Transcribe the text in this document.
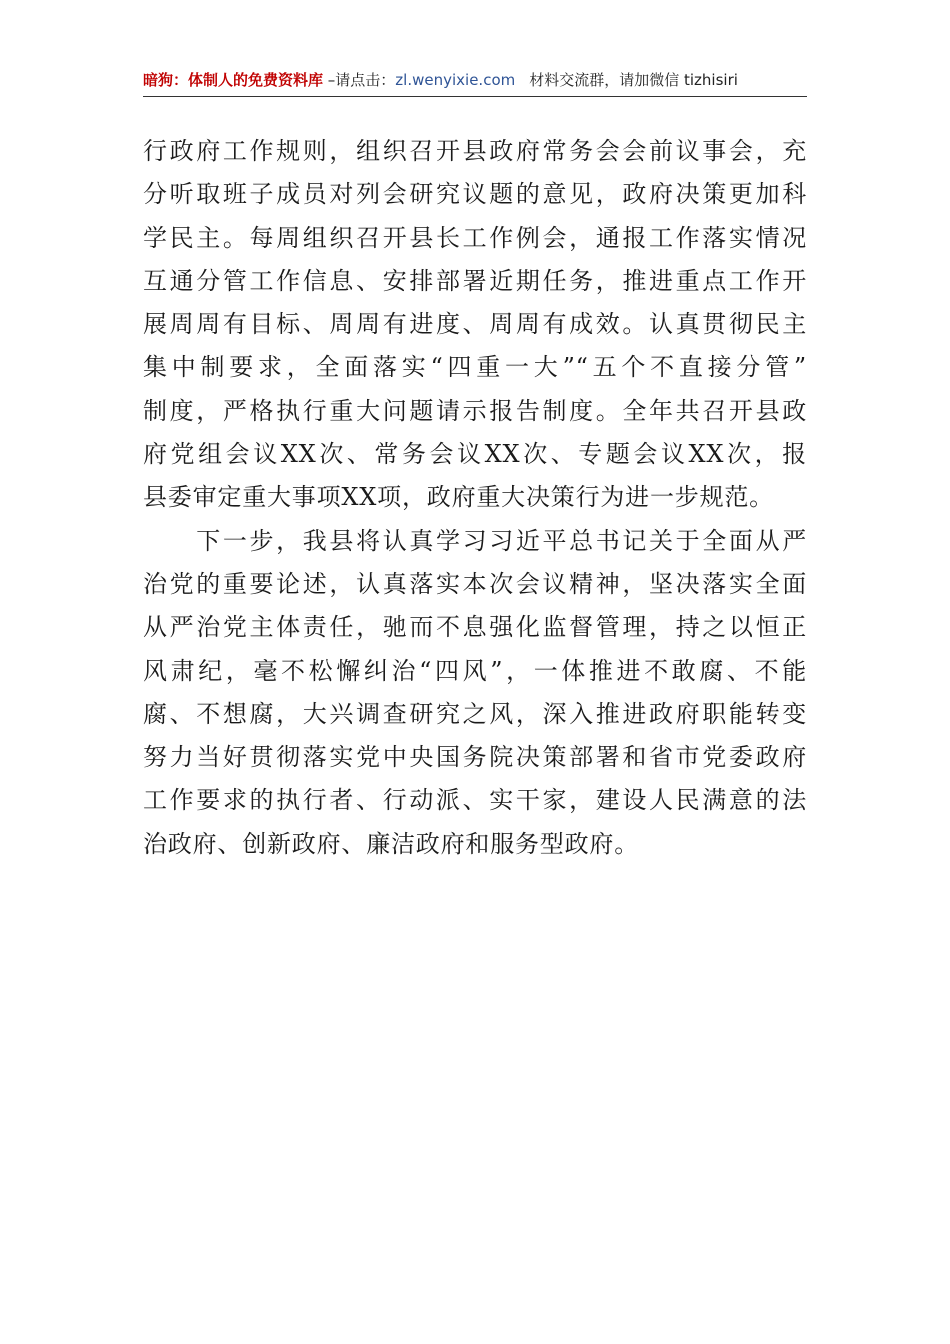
暗狗：体制人的免费资料库 –请点击：zl.wenyixie.com 材料交流群，请加微信 tizhisiri
行政府工作规则，组织召开县政府常务会会前议事会，充
分听取班子成员对列会研究议题的意见，政府决策更加科
学民主。每周组织召开县长工作例会，通报工作落实情况
互通分管工作信息、安排部署近期任务，推进重点工作开
展周周有目标、周周有进度、周周有成效。认真贯彻民主
集中制要求，全面落实“四重一大”“五个不直接分管”
制度，严格执行重大问题请示报告制度。全年共召开县政
府党组会议XX次、常务会议XX次、专题会议XX次，报
县委审定重大事项XX项，政府重大决策行为进一步规范。
　　下一步，我县将认真学习习近平总书记关于全面从严
治党的重要论述，认真落实本次会议精神，坚决落实全面
从严治党主体责任，驰而不息强化监督管理，持之以恒正
风肃纪，毫不松懈纠治“四风”，一体推进不敢腐、不能
腐、不想腐，大兴调查研究之风，深入推进政府职能转变
努力当好贯彻落实党中央国务院决策部署和省市党委政府
工作要求的执行者、行动派、实干家，建设人民满意的法
治政府、创新政府、廉洁政府和服务型政府。
